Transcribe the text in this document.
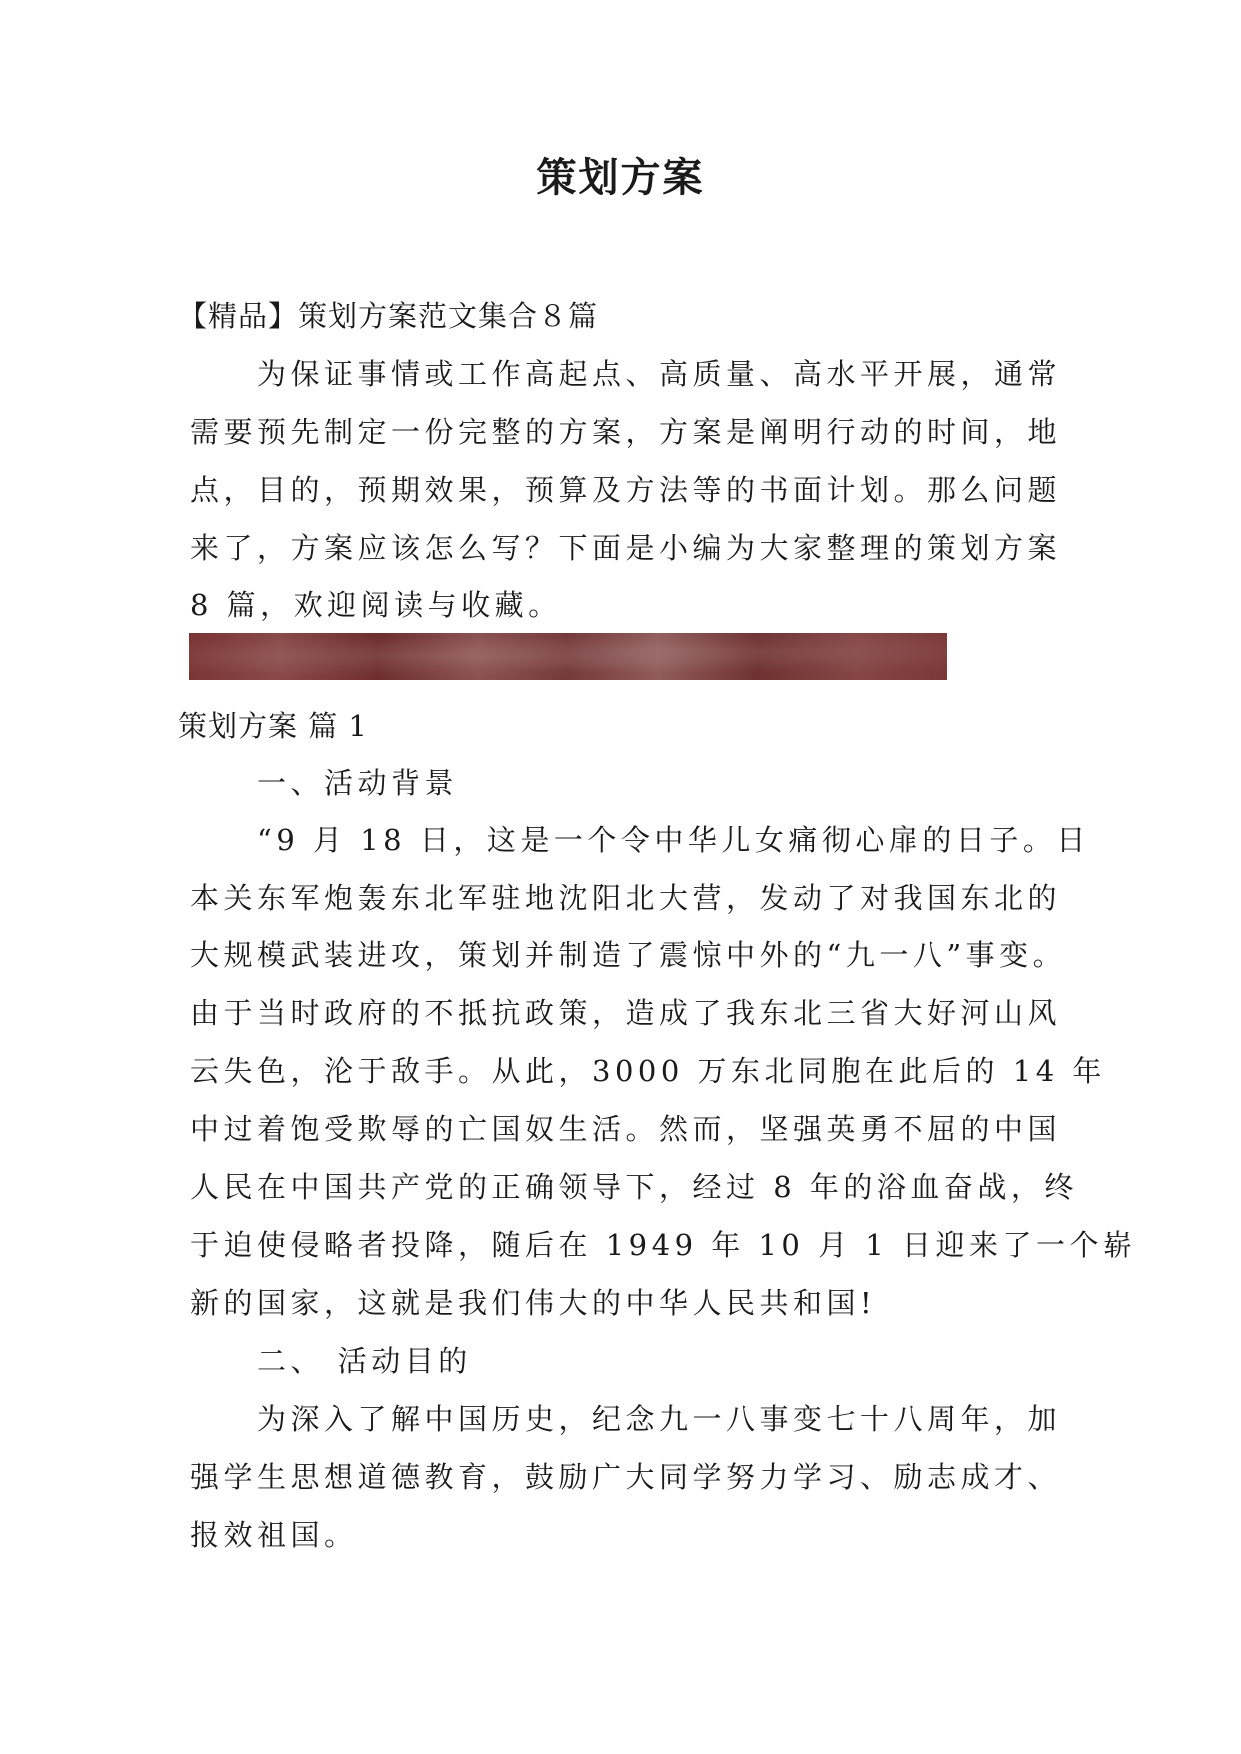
策划方案

【精品】策划方案范文集合８篇

为保证事情或工作高起点、高质量、高水平开展，通常

需要预先制定一份完整的方案，方案是阐明行动的时间，地

点，目的，预期效果，预算及方法等的书面计划。那么问题

来了，方案应该怎么写？下面是小编为大家整理的策划方案

8 篇，欢迎阅读与收藏。

策划方案 篇 1

一、活动背景

“9 月 18 日，这是一个令中华儿女痛彻心扉的日子。日

本关东军炮轰东北军驻地沈阳北大营，发动了对我国东北的

大规模武装进攻，策划并制造了震惊中外的“九一八”事变。

由于当时政府的不抵抗政策，造成了我东北三省大好河山风

云失色，沦于敌手。从此，3000 万东北同胞在此后的 14 年

中过着饱受欺辱的亡国奴生活。然而，坚强英勇不屈的中国

人民在中国共产党的正确领导下，经过 8 年的浴血奋战，终

于迫使侵略者投降，随后在 1949 年 10 月 1 日迎来了一个崭

新的国家，这就是我们伟大的中华人民共和国!

二、 活动目的

为深入了解中国历史，纪念九一八事变七十八周年，加

强学生思想道德教育，鼓励广大同学努力学习、励志成才、

报效祖国。
